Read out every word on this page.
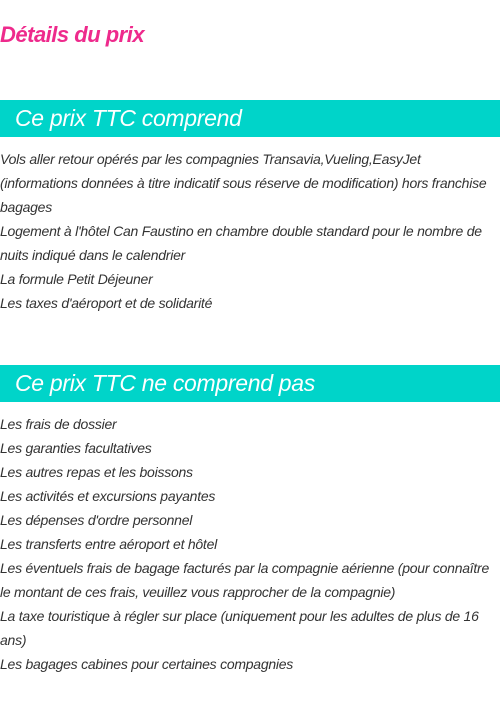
Détails du prix
Ce prix TTC comprend
Vols aller retour opérés par les compagnies Transavia,Vueling,EasyJet (informations données à titre indicatif sous réserve de modification) hors franchise bagages
Logement à l'hôtel Can Faustino en chambre double standard pour le nombre de nuits indiqué dans le calendrier
La formule Petit Déjeuner
Les taxes d'aéroport et de solidarité
Ce prix TTC ne comprend pas
Les frais de dossier
Les garanties facultatives
Les autres repas et les boissons
Les activités et excursions payantes
Les dépenses d'ordre personnel
Les transferts entre aéroport et hôtel
Les éventuels frais de bagage facturés par la compagnie aérienne (pour connaître le montant de ces frais, veuillez vous rapprocher de la compagnie)
La taxe touristique à régler sur place (uniquement pour les adultes de plus de 16 ans)
Les bagages cabines pour certaines compagnies
